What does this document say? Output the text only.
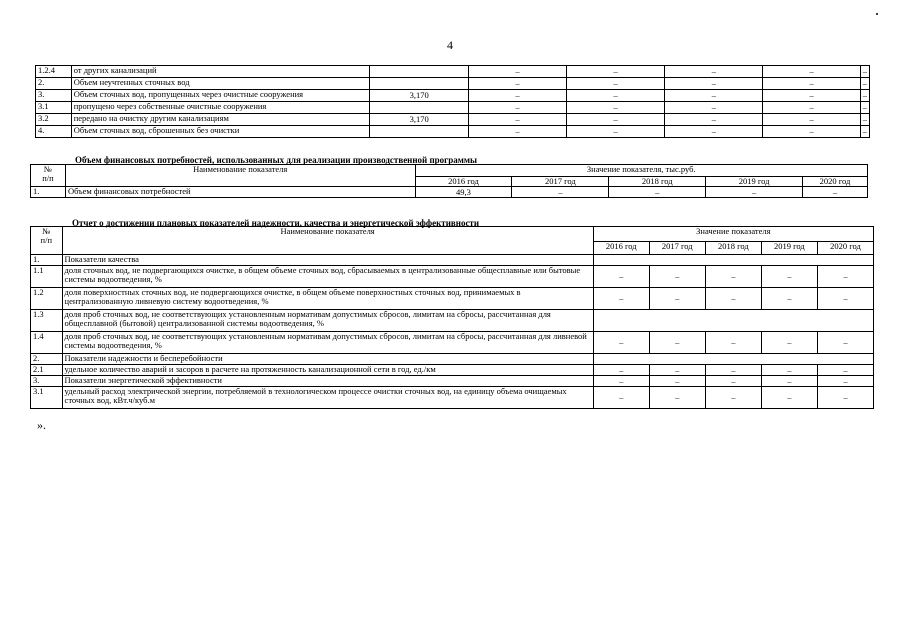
4
1.2.4	от других канализаций		–	–	–	–	–
2.	Объем неучтенных сточных вод		–	–	–	–	–
3.	Объем сточных вод, пропущенных через очистные сооружения	3,170	–	–	–	–	–
3.1	пропущено через собственные очистные сооружения		–	–	–	–	–
3.2	передано на очистку другим канализациям	3,170	–	–	–	–	–
4.	Объем сточных вод, сброшенных без очистки		–	–	–	–	–
Объем финансовых потребностей, использованных для реализации производственной программы
№
п/п	Наименование показателя	Значение показателя, тыс.руб.				
		2016 год	2017 год	2018 год	2019 год	2020 год
1.	Объем финансовых потребностей	49,3	–	–	–	–
Отчет о достижении плановых показателей надежности, качества и энергетической эффективности
№
п/п	Наименование показателя	Значение показателя				
		2016 год	2017 год	2018 год	2019 год	2020 год
1.	Показатели качества					
1.1	доля сточных вод, не подвергающихся очистке, в общем объеме сточных вод, сбрасываемых в централизованные общесплавные или бытовые системы водоотведения, %	–	–	–	–	–
1.2	доля поверхностных сточных вод, не подвергающихся очистке, в общем объеме поверхностных сточных вод, принимаемых в централизованную ливневую систему водоотведения, %	–	–	–	–	–
1.3	доля проб сточных вод, не соответствующих установленным нормативам допустимых сбросов, лимитам на сбросы, рассчитанная для общесплавной (бытовой) централизованной системы водоотведения, %					
1.4	доля проб сточных вод, не соответствующих установленным нормативам допустимых сбросов, лимитам на сбросы, рассчитанная для ливневой системы водоотведения, %	–	–	–	–	–
2.	Показатели надежности и бесперебойности					
2.1	удельное количество аварий и засоров в расчете на протяженность канализационной сети в год, ед./км	–	–	–	–	–
3.	Показатели энергетической эффективности	–	–	–	–	–
3.1	удельный расход электрической энергии, потребляемой в технологическом процессе очистки сточных вод, на единицу объема очищаемых сточных вод, кВт.ч/куб.м	–	–	–	–	–
».
